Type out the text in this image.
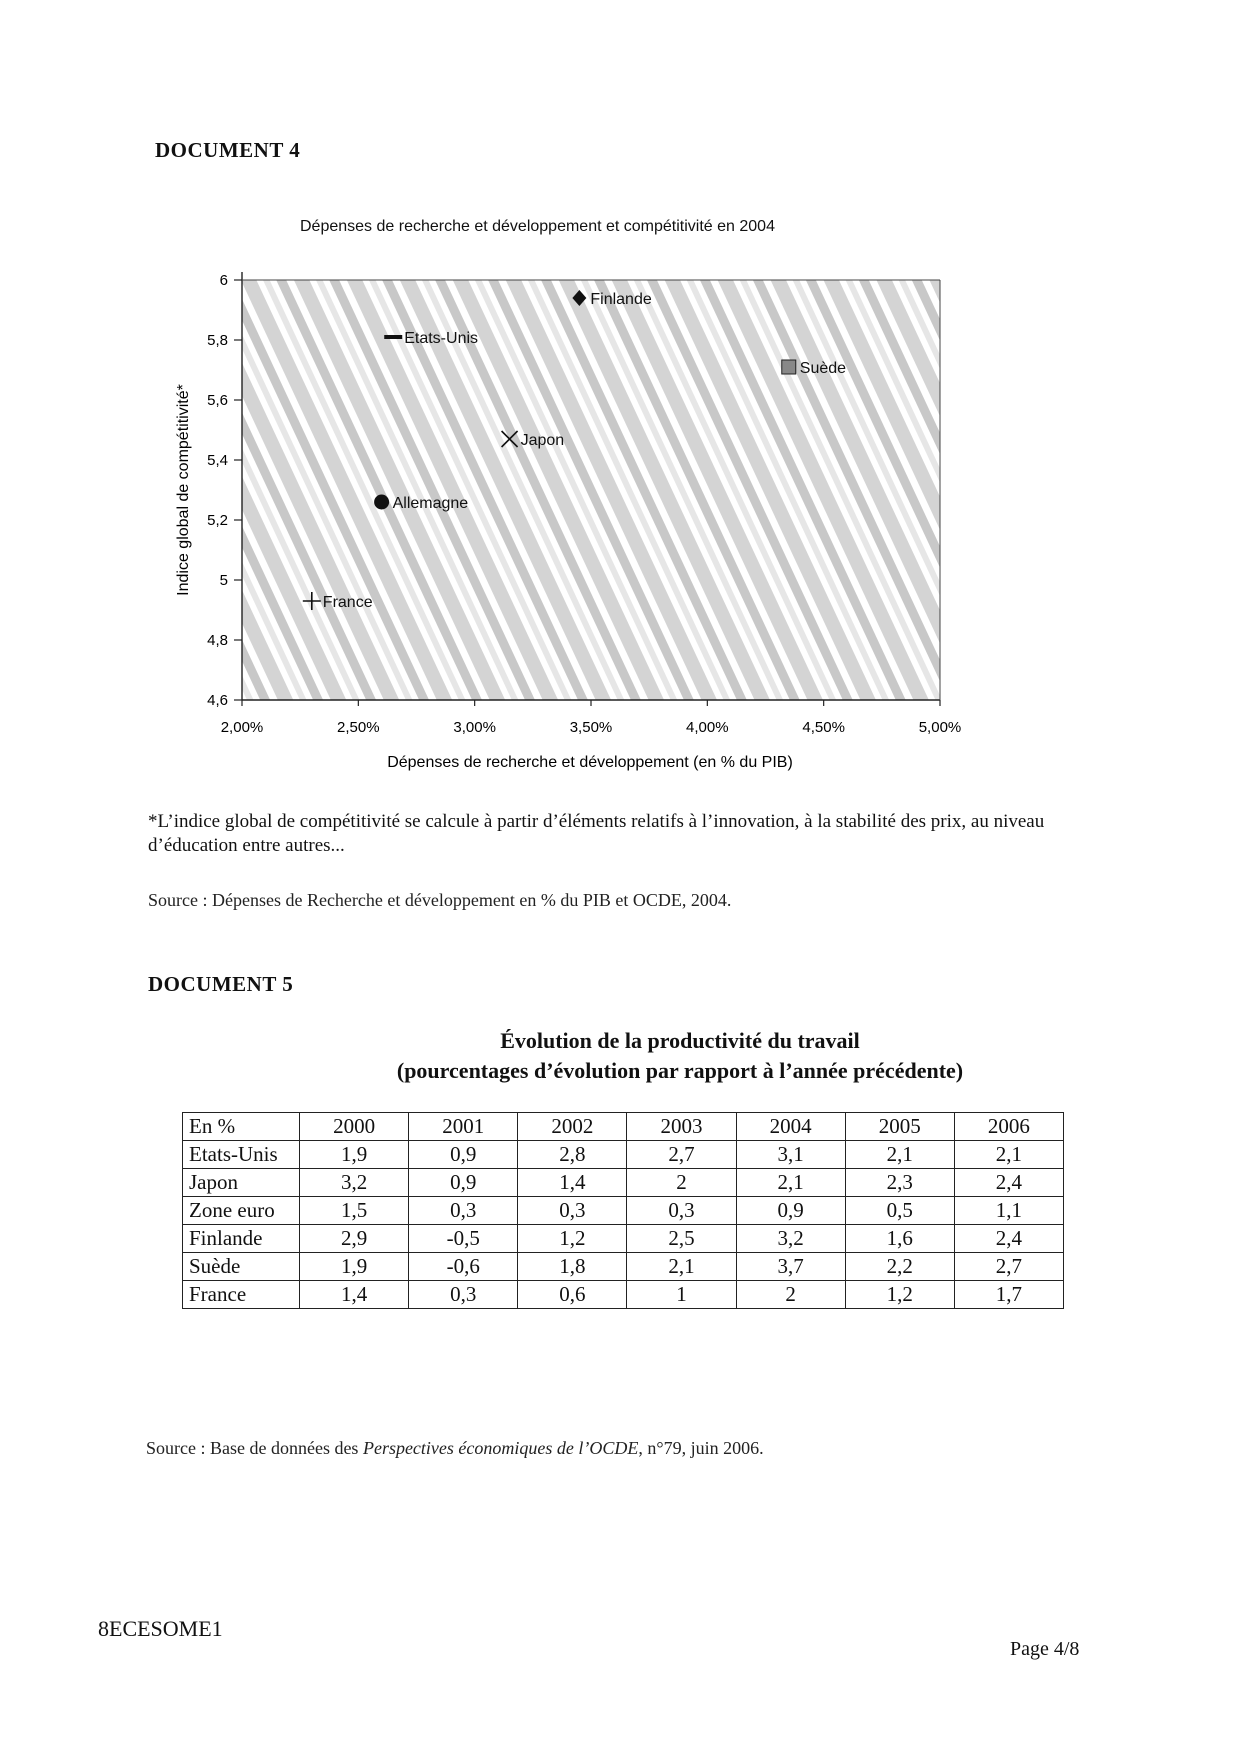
DOCUMENT 4
Dépenses de recherche et développement et compétitivité en 2004
4,6
4,8
5
5,2
5,4
5,6
5,8
6
2,00%	2,50%	3,00%	3,50%	4,00%	4,50%	5,00%
Finlande
Etats-Unis
Suède
Japon
Allemagne
France
Indice global de compétitivité*
Dépenses de recherche et développement (en % du PIB)
*L’indice global de compétitivité se calcule à partir d’éléments relatifs à l’innovation, à la stabilité des prix, au niveau d’éducation entre autres...
Source : Dépenses de Recherche et développement en % du PIB et OCDE, 2004.
DOCUMENT 5
Évolution de la productivité du travail
(pourcentages d’évolution par rapport à l’année précédente)
En %	2000	2001	2002	2003	2004	2005	2006
Etats-Unis	1,9	0,9	2,8	2,7	3,1	2,1	2,1
Japon	3,2	0,9	1,4	2	2,1	2,3	2,4
Zone euro	1,5	0,3	0,3	0,3	0,9	0,5	1,1
Finlande	2,9	-0,5	1,2	2,5	3,2	1,6	2,4
Suède	1,9	-0,6	1,8	2,1	3,7	2,2	2,7
France	1,4	0,3	0,6	1	2	1,2	1,7
Source : Base de données des Perspectives économiques de l’OCDE, n°79, juin 2006.
8ECESOME1
Page 4/8
